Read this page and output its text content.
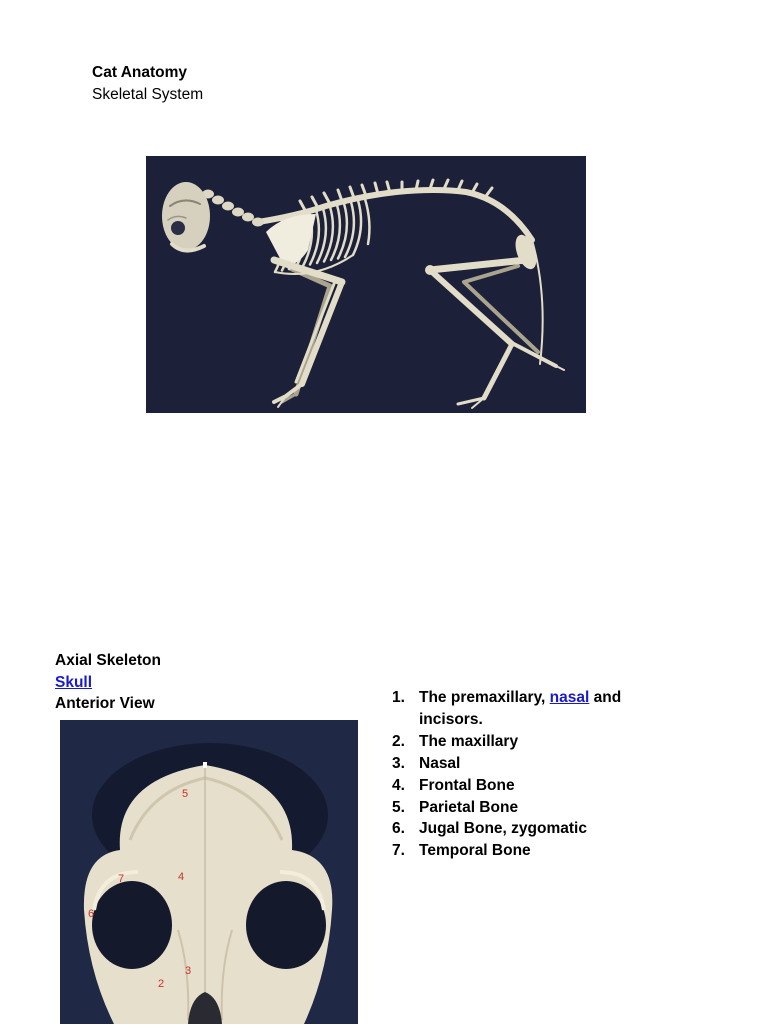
Cat Anatomy
Skeletal System
Axial Skeleton
Skull
Anterior View
5
7	4
6
3
2
1. The premaxillary, nasal and incisors.
2. The maxillary
3. Nasal
4. Frontal Bone
5. Parietal Bone
6. Jugal Bone, zygomatic
7. Temporal Bone
